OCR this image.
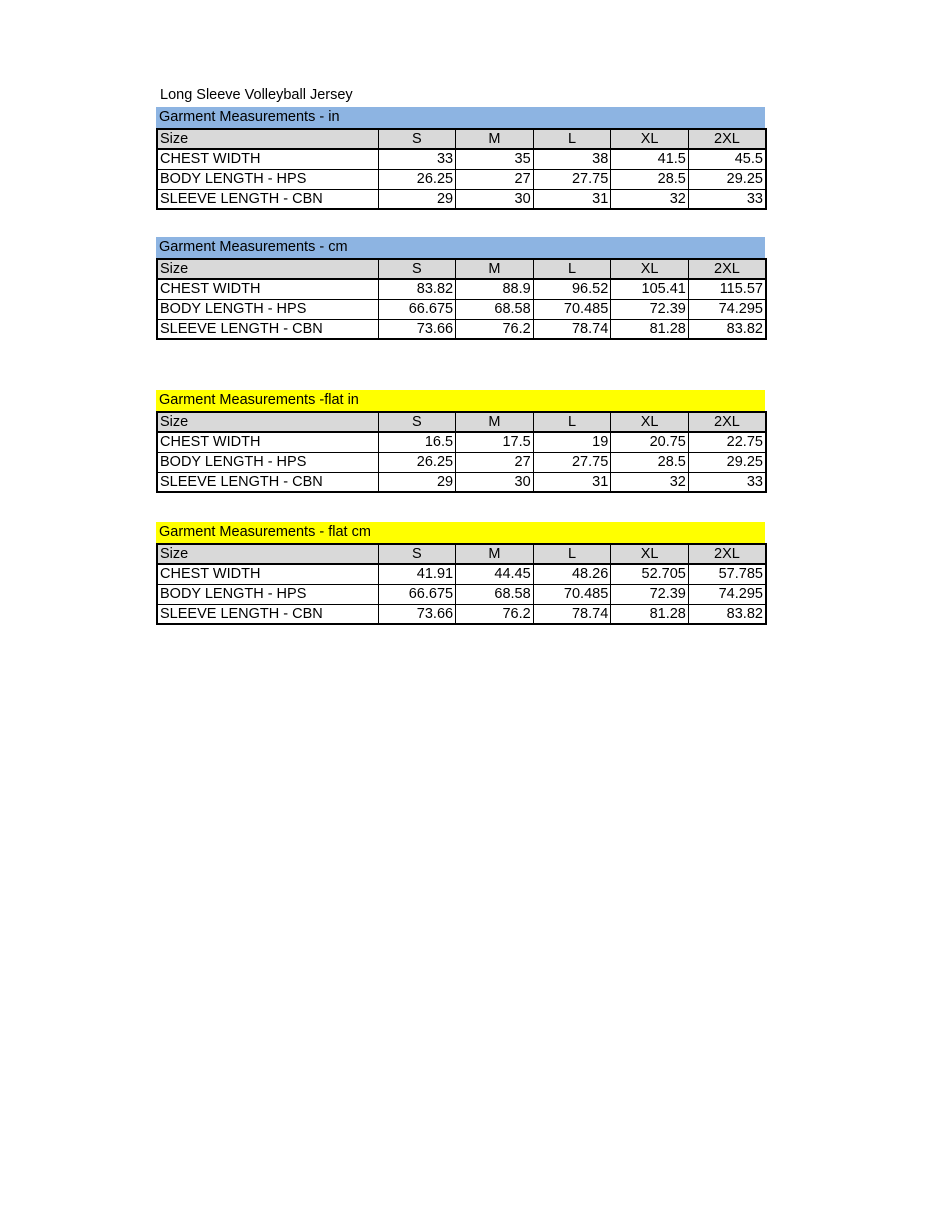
Long Sleeve Volleyball Jersey
Garment Measurements - in
Size	S	M	L	XL	2XL
CHEST WIDTH	33	35	38	41.5	45.5
BODY LENGTH - HPS	26.25	27	27.75	28.5	29.25
SLEEVE LENGTH - CBN	29	30	31	32	33
Garment Measurements - cm
Size	S	M	L	XL	2XL
CHEST WIDTH	83.82	88.9	96.52	105.41	115.57
BODY LENGTH - HPS	66.675	68.58	70.485	72.39	74.295
SLEEVE LENGTH - CBN	73.66	76.2	78.74	81.28	83.82
Garment Measurements -flat in
Size	S	M	L	XL	2XL
CHEST WIDTH	16.5	17.5	19	20.75	22.75
BODY LENGTH - HPS	26.25	27	27.75	28.5	29.25
SLEEVE LENGTH - CBN	29	30	31	32	33
Garment Measurements - flat cm
Size	S	M	L	XL	2XL
CHEST WIDTH	41.91	44.45	48.26	52.705	57.785
BODY LENGTH - HPS	66.675	68.58	70.485	72.39	74.295
SLEEVE LENGTH - CBN	73.66	76.2	78.74	81.28	83.82
